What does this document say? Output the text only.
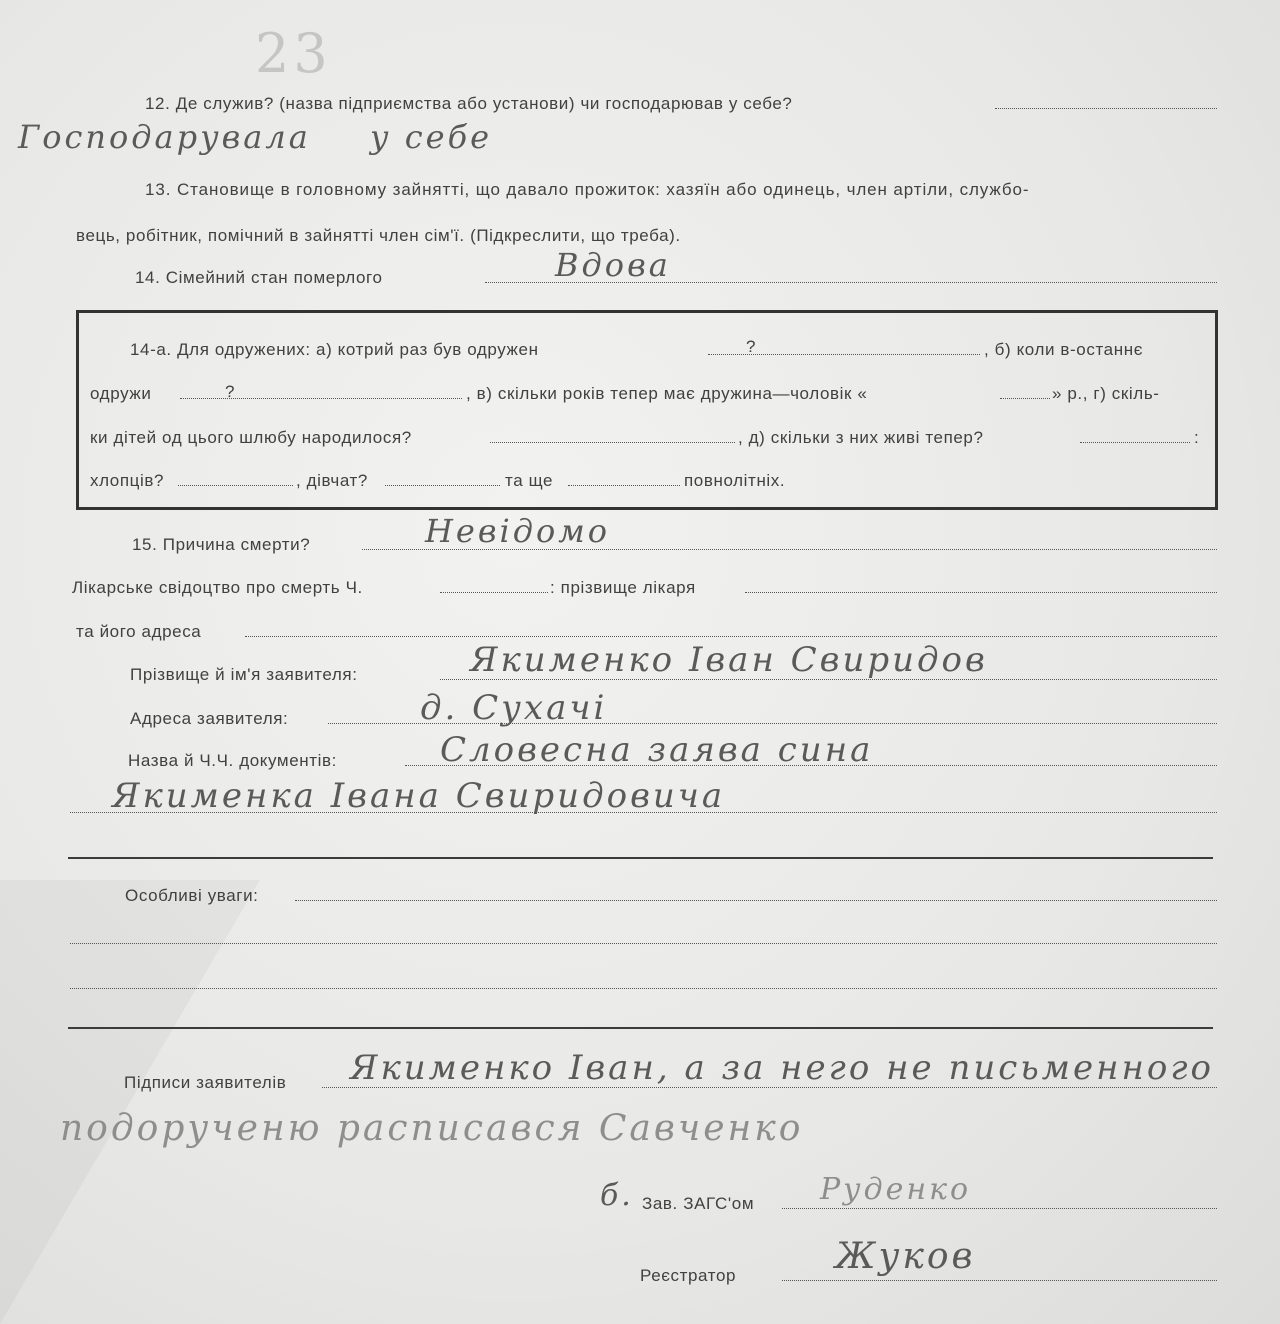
23
12. Де служив? (назва підприємства або установи) чи господарював у себе?
Господарувала у себе
13. Становище в головному зайнятті, що давало прожиток: хазяїн або одинець, член артіли, службо-
вець, робітник, помічний в зайнятті член сім'ї. (Підкреслити, що треба).
14. Сімейний стан померлого	Вдова
14-а. Для одружених: а) котрий раз був одружен	?	, б) коли в-останнє
одружи	?	, в) скільки років тепер має дружина—чоловік «	» р., г) скіль-
ки дітей од цього шлюбу народилося?	, д) скільки з них живі тепер?	:
хлопців?	, дівчат?	та ще	повнолітніх.
15. Причина смерти?	Невідомо
Лікарське свідоцтво про смерть Ч.	: прізвище лікаря
та його адреса
Прізвище й ім'я заявителя:	Якименко Іван Свиридов
Адреса заявителя:	д. Сухачі
Назва й Ч.Ч. документів:	Словесна заява сина
Якименка Івана Свиридовича
Особливі уваги:
Підписи заявителів Якименко Іван, а за него не письменного
подорученю расписався Савченко
б. Зав. ЗАГС'ом Руденко
Реєстратор	Жуков
